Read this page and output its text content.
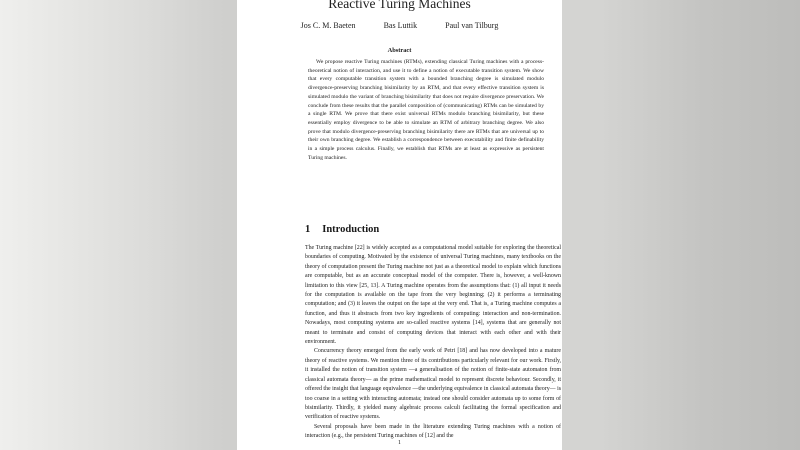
Reactive Turing Machines
Jos C. M. Baeten	Bas Luttik	Paul van Tilburg
Abstract

We propose reactive Turing machines (RTMs), extending classical Turing machines with a process-theoretical notion of interaction, and use it to define a notion of executable transition system. We show that every computable transition system with a bounded branching degree is simulated modulo divergence-preserving branching bisimilarity by an RTM, and that every effective transition system is simulated modulo the variant of branching bisimilarity that does not require divergence preservation. We conclude from these results that the parallel composition of (communicating) RTMs can be simulated by a single RTM. We prove that there exist universal RTMs modulo branching bisimilarity, but these essentially employ divergence to be able to simulate an RTM of arbitrary branching degree. We also prove that modulo divergence-preserving branching bisimilarity there are RTMs that are universal up to their own branching degree. We establish a correspondence between executability and finite definability in a simple process calculus. Finally, we establish that RTMs are at least as expressive as persistent Turing machines.

1 Introduction

The Turing machine [22] is widely accepted as a computational model suitable for exploring the theoretical boundaries of computing. Motivated by the existence of universal Turing machines, many textbooks on the theory of computation present the Turing machine not just as a theoretical model to explain which functions are computable, but as an accurate conceptual model of the computer. There is, however, a well-known limitation to this view [25, 13]. A Turing machine operates from the assumptions that: (1) all input it needs for the computation is available on the tape from the very beginning; (2) it performs a terminating computation; and (3) it leaves the output on the tape at the very end. That is, a Turing machine computes a function, and thus it abstracts from two key ingredients of computing: interaction and non-termination. Nowadays, most computing systems are so-called reactive systems [14], systems that are generally not meant to terminate and consist of computing devices that interact with each other and with their environment.

Concurrency theory emerged from the early work of Petri [18] and has now developed into a mature theory of reactive systems. We mention three of its contributions particularly relevant for our work. Firstly, it installed the notion of transition system —a generalisation of the notion of finite-state automaton from classical automata theory— as the prime mathematical model to represent discrete behaviour. Secondly, it offered the insight that language equivalence —the underlying equivalence in classical automata theory— is too coarse in a setting with interacting automata; instead one should consider automata up to some form of bisimilarity. Thirdly, it yielded many algebraic process calculi facilitating the formal specification and verification of reactive systems.

Several proposals have been made in the literature extending Turing machines with a notion of interaction (e.g., the persistent Turing machines of [12] and the

1
